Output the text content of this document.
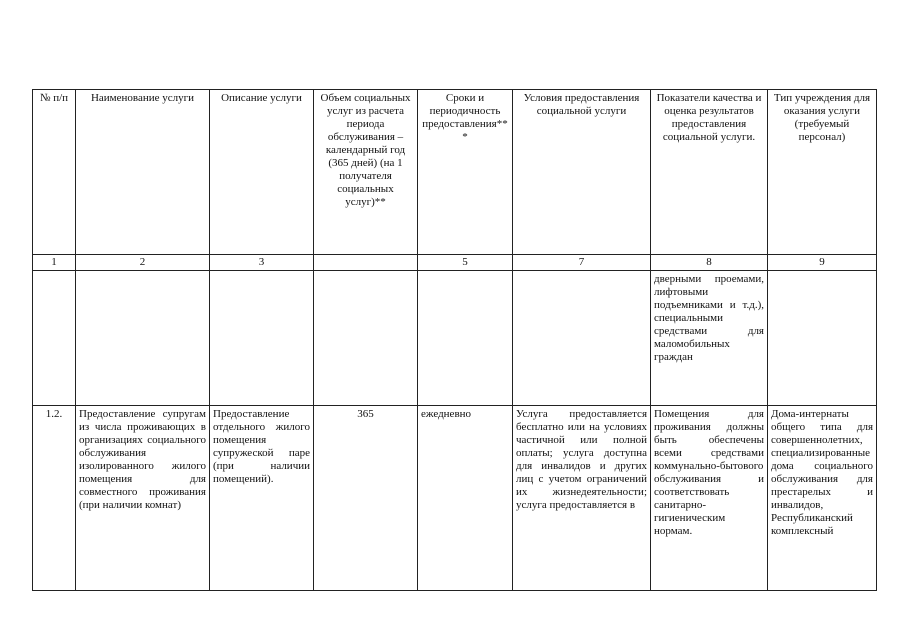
№ п/п	Наименование услуги	Описание услуги	Объем социальных услуг из расчета периода обслуживания – календарный год (365 дней) (на 1 получателя социальных услуг)**	Сроки и периодичность предоставления***	Условия предоставления социальной услуги	Показатели качества и оценка результатов предоставления социальной услуги.	Тип учреждения для оказания услуги (требуемый персонал)
1	2	3		5	7	8	9
						дверными проемами, лифтовыми подъемниками и т.д.), специальными средствами для маломобильных граждан	
1.2.	Предоставление супругам из числа проживающих в организациях социального обслуживания изолированного жилого помещения для совместного проживания (при наличии комнат)	Предоставление отдельного жилого помещения супружеской паре (при наличии помещений).	365	ежедневно	Услуга предоставляется бесплатно или на условиях частичной или полной оплаты; услуга доступна для инвалидов и других лиц с учетом ограничений их жизнедеятельности; услуга предоставляется в	Помещения для проживания должны быть обеспечены всеми средствами коммунально-бытового обслуживания и соответствовать санитарно-гигиеническим нормам.	Дома-интернаты общего типа для совершеннолетних, специализированные дома социального обслуживания для престарелых и инвалидов, Республиканский комплексный
